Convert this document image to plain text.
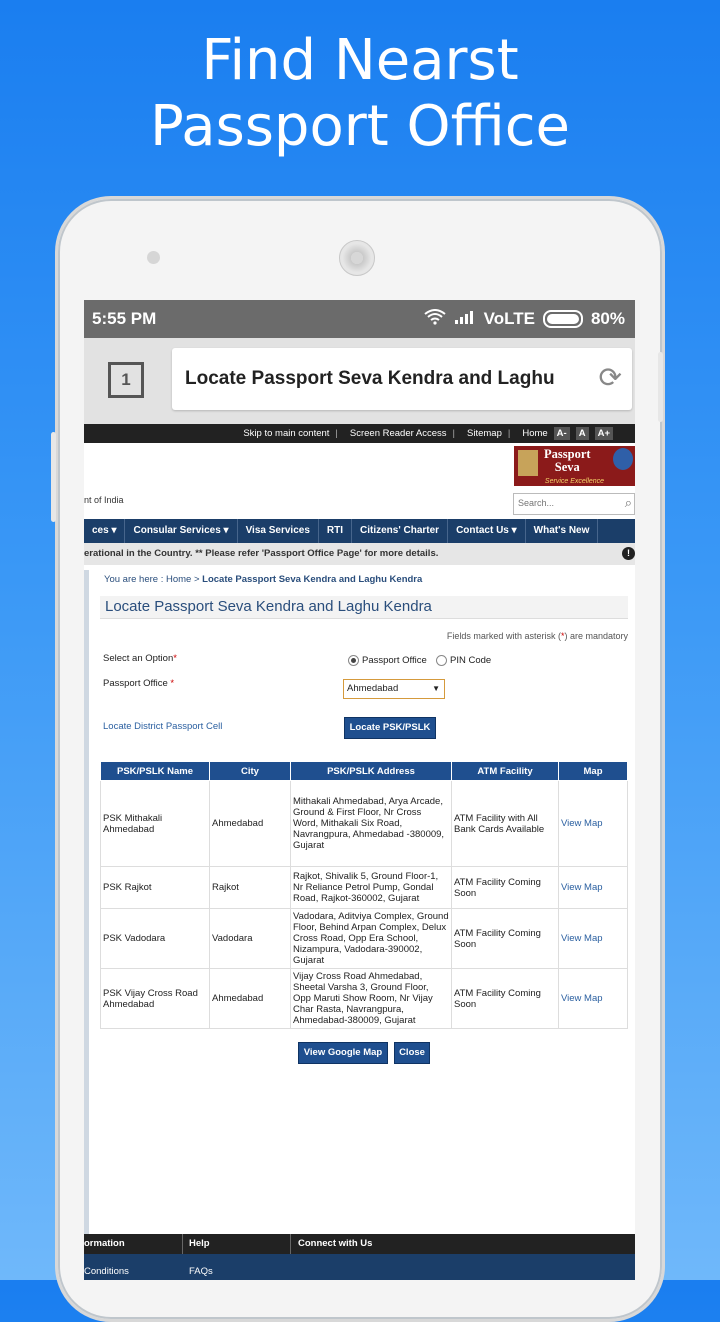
Find Nearst
Passport Office
5:55 PM	VoLTE	80%
1	Locate Passport Seva Kendra and Laghu ⟳
Skip to main content | Screen Reader Access | Sitemap | Home A-	A	A+
nt of India
Passport
Seva
Service Excellence
Search...
⌕
ces ▾	Consular Services ▾	Visa Services	RTI	Citizens' Charter	Contact Us ▾	What's New
erational in the Country. ** Please refer 'Passport Office Page' for more details.	!
You are here : Home > Locate Passport Seva Kendra and Laghu Kendra
Locate Passport Seva Kendra and Laghu Kendra
Fields marked with asterisk (*) are mandatory
Select an Option*	Passport Office PIN Code
Passport Office *	Ahmedabad	▼
Locate District Passport Cell	Locate PSK/PSLK
PSK/PSLK Name	City	PSK/PSLK Address	ATM Facility	Map
PSK Mithakali Ahmedabad	Ahmedabad	Mithakali Ahmedabad, Arya Arcade, Ground & First Floor, Nr Cross Word, Mithakali Six Road, Navrangpura, Ahmedabad -380009, Gujarat	ATM Facility with All Bank Cards Available	View Map
PSK Rajkot	Rajkot	Rajkot, Shivalik 5, Ground Floor-1, Nr Reliance Petrol Pump, Gondal Road, Rajkot-360002, Gujarat	ATM Facility Coming Soon	View Map
PSK Vadodara	Vadodara	Vadodara, Aditviya Complex, Ground Floor, Behind Arpan Complex, Delux Cross Road, Opp Era School, Nizampura, Vadodara-390002, Gujarat	ATM Facility Coming Soon	View Map
PSK Vijay Cross Road Ahmedabad	Ahmedabad	Vijay Cross Road Ahmedabad, Sheetal Varsha 3, Ground Floor, Opp Maruti Show Room, Nr Vijay Char Rasta, Navrangpura, Ahmedabad-380009, Gujarat	ATM Facility Coming Soon	View Map
View Google Map	Close
ormation	Help	Connect with Us
Conditions	FAQs
